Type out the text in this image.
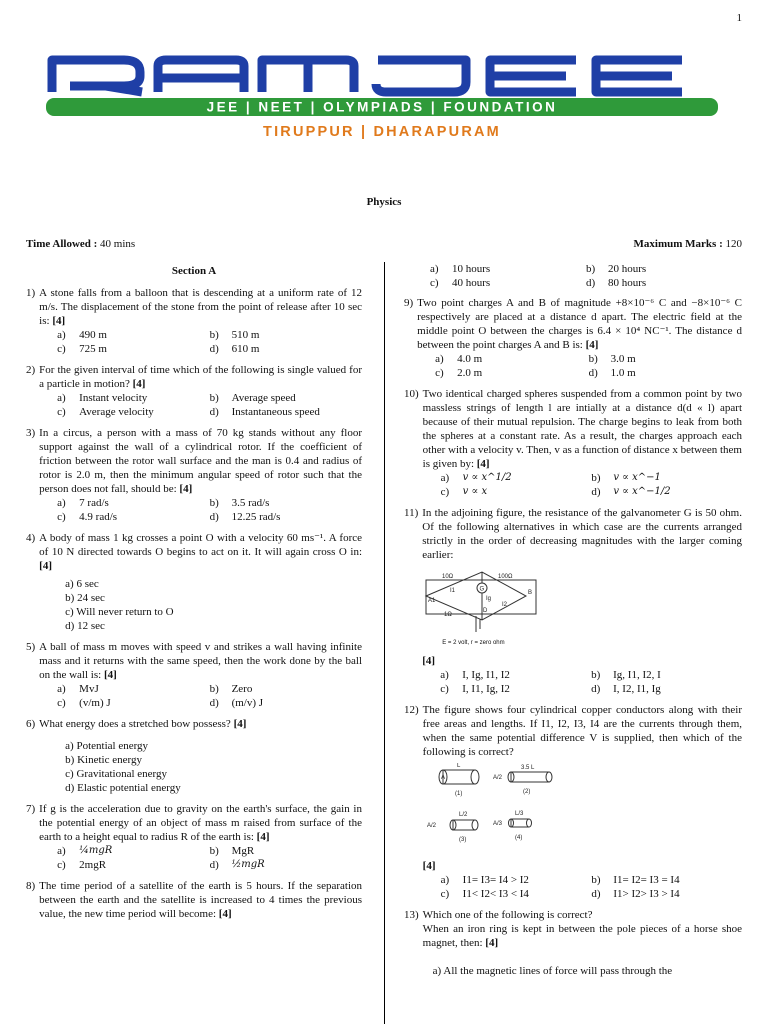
1
JEE | NEET | OLYMPIADS | FOUNDATION
TIRUPPUR | DHARAPURAM
Physics
Time Allowed : 40 mins	Maximum Marks : 120
Section A
1) A stone falls from a balloon that is descending at a uniform rate of 12 m/s. The displacement of the stone from the point of release after 10 sec is: [4]
a)	490 m	b)	510 m
c)	725 m	d)	610 m
2) For the given interval of time which of the following is single valued for a particle in motion? [4]
a)	Instant velocity	b)	Average speed
c)	Average velocity	d)	Instantaneous speed
3) In a circus, a person with a mass of 70 kg stands without any floor support against the wall of a cylindrical rotor. If the coefficient of friction between the rotor wall surface and the man is 0.4 and radius of rotor is 2.0 m, then the minimum angular speed of rotor such that the person does not fall, should be: [4]
a)	7 rad/s	b)	3.5 rad/s
c)	4.9 rad/s	d)	12.25 rad/s
4) A body of mass 1 kg crosses a point O with a velocity 60 ms⁻¹. A force of 10 N directed towards O begins to act on it. It will again cross O in: [4]
a) 6 sec
b) 24 sec
c) Will never return to O
d) 12 sec
5) A ball of mass m moves with speed v and strikes a wall having infinite mass and it returns with the same speed, then the work done by the ball on the wall is: [4]
a)	MvJ	b)	Zero
c)	(v/m) J	d)	(m/v) J
6) What energy does a stretched bow possess? [4]
a) Potential energy
b) Kinetic energy
c) Gravitational energy
d) Elastic potential energy
7) If g is the acceleration due to gravity on the earth's surface, the gain in the potential energy of an object of mass m raised from surface of the earth to a height equal to radius R of the earth is: [4]
a)	¼mgR	b)	MgR
c)	2mgR	d)	½mgR
8) The time period of a satellite of the earth is 5 hours. If the separation between the earth and the satellite is increased to 4 times the previous value, the new time period will become: [4]
a)	10 hours	b)	20 hours
c)	40 hours	d)	80 hours
9) Two point charges A and B of magnitude +8×10⁻⁶ C and −8×10⁻⁶ C respectively are placed at a distance d apart. The electric field at the middle point O between the charges is 6.4 × 10⁴ NC⁻¹. The distance d between the point charges A and B is: [4]
a)	4.0 m	b)	3.0 m
c)	2.0 m	d)	1.0 m
10) Two identical charged spheres suspended from a common point by two massless strings of length l are intially at a distance d(d « l) apart because of their mutual repulsion. The charge begins to leak from both the spheres at a constant rate. As a result, the charges approach each other with a velocity v. Then, v as a function of distance x between them is given by: [4]
a)	v ∝ x^1/2	b)	v ∝ x^−1
c)	v ∝ x	d)	v ∝ x^−1/2
11) In the adjoining figure, the resistance of the galvanometer G is 50 ohm. Of the following alternatives in which case are the currents arranged strictly in the order of decreasing magnitudes with the larger coming earlier:
10Ω	100Ω
1Ω
G
I1
I2
Ig
A1
B
D
E = 2 volt, r = zero ohm
[4]
a)	I, Ig, I1, I2	b)	Ig, I1, I2, I
c)	I, I1, Ig, I2	d)	I, I2, I1, Ig
12) The figure shows four cylindrical copper conductors along with their free areas and lengths. If I1, I2, I3, I4 are the currents through them, when the same potential difference V is supplied, then which of the following is correct?
L	3.5 L
L/2	L/3
A	A/2
A/2	A/3
(1)	(2)
(3)	(4)
[4]
a)	I1= I3= I4 > I2	b)	I1= I2= I3 = I4
c)	I1< I2< I3 < I4	d)	I1> I2> I3 > I4
13) Which one of the following is correct?
When an iron ring is kept in between the pole pieces of a horse shoe magnet, then: [4]
a) All the magnetic lines of force will pass through the
